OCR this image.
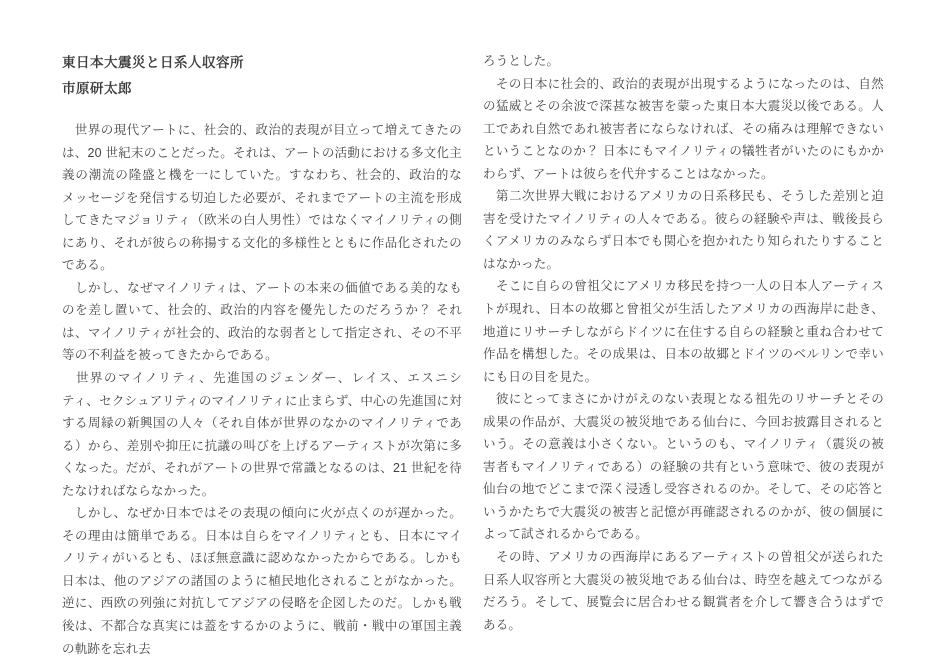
東日本大震災と日系人収容所
市原研太郎

　世界の現代アートに、社会的、政治的表現が目立って増えてきたのは、20 世紀末のことだった。それは、アートの活動における多文化主義の潮流の隆盛と機を一にしていた。すなわち、社会的、政治的なメッセージを発信する切迫した必要が、それまでアートの主流を形成してきたマジョリティ（欧米の白人男性）ではなくマイノリティの側にあり、それが彼らの称揚する文化的多様性とともに作品化されたのである。

　しかし、なぜマイノリティは、アートの本来の価値である美的なものを差し置いて、社会的、政治的内容を優先したのだろうか？ それは、マイノリティが社会的、政治的な弱者として指定され、その不平等の不利益を被ってきたからである。

　世界のマイノリティ、先進国のジェンダー、レイス、エスニシティ、セクシュアリティのマイノリティに止まらず、中心の先進国に対する周縁の新興国の人々（それ自体が世界のなかのマイノリティである）から、差別や抑圧に抗議の叫びを上げるアーティストが次第に多くなった。だが、それがアートの世界で常識となるのは、21 世紀を待たなければならなかった。

　しかし、なぜか日本ではその表現の傾向に火が点くのが遅かった。その理由は簡単である。日本は自らをマイノリティとも、日本にマイノリティがいるとも、ほぼ無意識に認めなかったからである。しかも日本は、他のアジアの諸国のように植民地化されることがなかった。逆に、西欧の列強に対抗してアジアの侵略を企図したのだ。しかも戦後は、不都合な真実には蓋をするかのように、戦前・戦中の軍国主義の軌跡を忘れ去

ろうとした。

　その日本に社会的、政治的表現が出現するようになったのは、自然の猛威とその余波で深甚な被害を蒙った東日本大震災以後である。人工であれ自然であれ被害者にならなければ、その痛みは理解できないということなのか？ 日本にもマイノリティの犠牲者がいたのにもかかわらず、アートは彼らを代弁することはなかった。

　第二次世界大戦におけるアメリカの日系移民も、そうした差別と迫害を受けたマイノリティの人々である。彼らの経験や声は、戦後長らくアメリカのみならず日本でも関心を抱かれたり知られたりすることはなかった。

　そこに自らの曾祖父にアメリカ移民を持つ一人の日本人アーティストが現れ、日本の故郷と曾祖父が生活したアメリカの西海岸に赴き、地道にリサーチしながらドイツに在住する自らの経験と重ね合わせて作品を構想した。その成果は、日本の故郷とドイツのベルリンで幸いにも日の目を見た。

　彼にとってまさにかけがえのない表現となる祖先のリサーチとその成果の作品が、大震災の被災地である仙台に、今回お披露目されるという。その意義は小さくない。というのも、マイノリティ（震災の被害者もマイノリティである）の経験の共有という意味で、彼の表現が仙台の地でどこまで深く浸透し受容されるのか。そして、その応答というかたちで大震災の被害と記憶が再確認されるのかが、彼の個展によって試されるからである。

　その時、アメリカの西海岸にあるアーティストの曽祖父が送られた日系人収容所と大震災の被災地である仙台は、時空を越えてつながるだろう。そして、展覧会に居合わせる観賞者を介して響き合うはずである。
